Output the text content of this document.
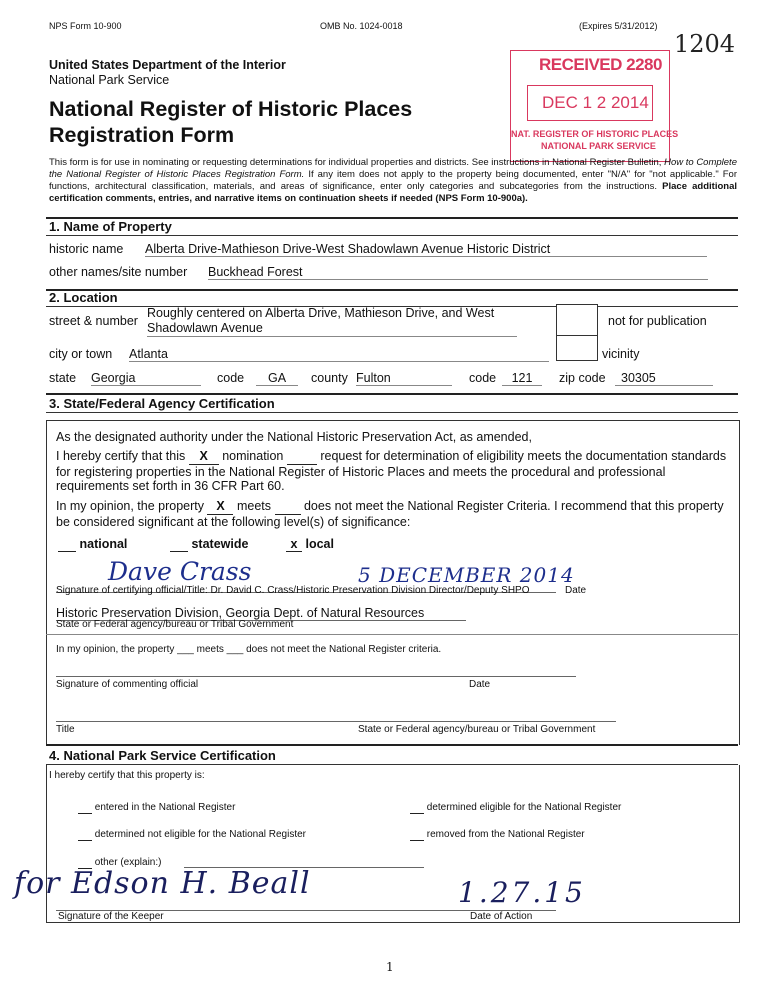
NPS Form 10-900	OMB No. 1024-0018	(Expires 5/31/2012)
1204
United States Department of the Interior
National Park Service
National Register of Historic Places
Registration Form
RECEIVED 2280
DEC 1 2 2014
NAT. REGISTER OF HISTORIC PLACES
NATIONAL PARK SERVICE
This form is for use in nominating or requesting determinations for individual properties and districts. See instructions in National Register Bulletin, How to Complete the National Register of Historic Places Registration Form. If any item does not apply to the property being documented, enter "N/A" for "not applicable." For functions, architectural classification, materials, and areas of significance, enter only categories and subcategories from the instructions. Place additional certification comments, entries, and narrative items on continuation sheets if needed (NPS Form 10-900a).
1. Name of Property
historic name Alberta Drive-Mathieson Drive-West Shadowlawn Avenue Historic District
other names/site number Buckhead Forest
2. Location
street & number
Roughly centered on Alberta Drive, Mathieson Drive, and West
Shadowlawn Avenue	not for publication
city or town Atlanta	vicinity
state Georgia	code	GA	county Fulton	code	121	zip code	30305
3. State/Federal Agency Certification
As the designated authority under the National Historic Preservation Act, as amended,
I hereby certify that this X nomination	request for determination of eligibility meets the documentation standards
for registering properties in the National Register of Historic Places and meets the procedural and professional
requirements set forth in 36 CFR Part 60.
In my opinion, the property X meets	does not meet the National Register Criteria. I recommend that this property
be considered significant at the following level(s) of significance:
national	statewide	x local
Dave Crass	5 DECEMBER 2014
Signature of certifying official/Title: Dr. David C. Crass/Historic Preservation Division Director/Deputy SHPO	Date
Historic Preservation Division, Georgia Dept. of Natural Resources
State or Federal agency/bureau or Tribal Government
In my opinion, the property ___ meets ___ does not meet the National Register criteria.
Signature of commenting official	Date
Title	State or Federal agency/bureau or Tribal Government
4. National Park Service Certification
I hereby certify that this property is:
entered in the National Register	determined eligible for the National Register
determined not eligible for the National Register	removed from the National Register
other (explain:)
for Edson H. Beall	1.27.15
Signature of the Keeper	Date of Action
1
